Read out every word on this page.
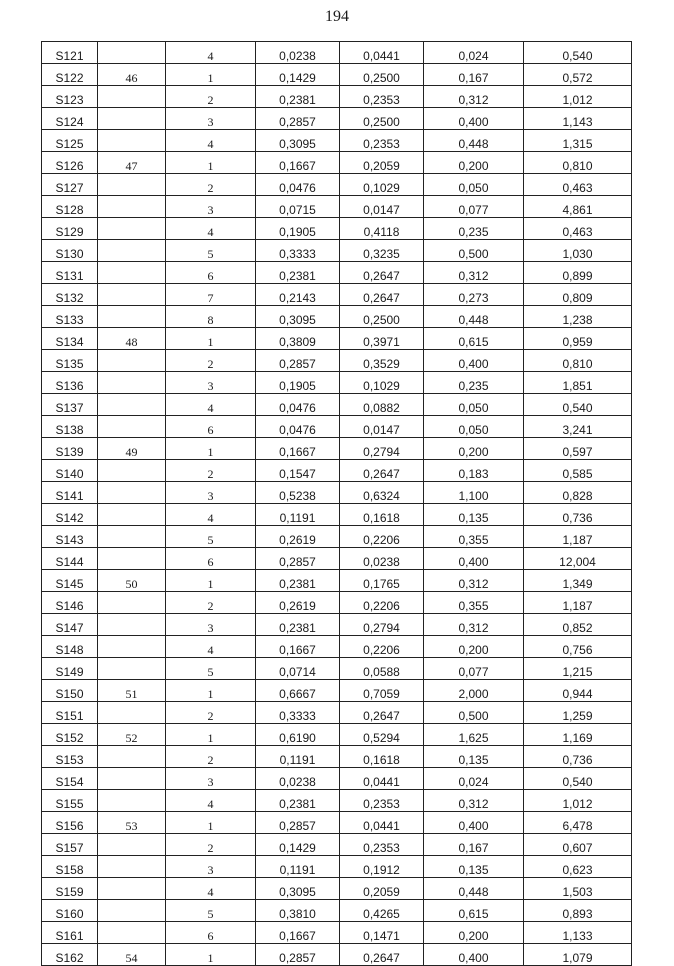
194
S121		4	0,0238	0,0441	0,024	0,540
S122	46	1	0,1429	0,2500	0,167	0,572
S123		2	0,2381	0,2353	0,312	1,012
S124		3	0,2857	0,2500	0,400	1,143
S125		4	0,3095	0,2353	0,448	1,315
S126	47	1	0,1667	0,2059	0,200	0,810
S127		2	0,0476	0,1029	0,050	0,463
S128		3	0,0715	0,0147	0,077	4,861
S129		4	0,1905	0,4118	0,235	0,463
S130		5	0,3333	0,3235	0,500	1,030
S131		6	0,2381	0,2647	0,312	0,899
S132		7	0,2143	0,2647	0,273	0,809
S133		8	0,3095	0,2500	0,448	1,238
S134	48	1	0,3809	0,3971	0,615	0,959
S135		2	0,2857	0,3529	0,400	0,810
S136		3	0,1905	0,1029	0,235	1,851
S137		4	0,0476	0,0882	0,050	0,540
S138		6	0,0476	0,0147	0,050	3,241
S139	49	1	0,1667	0,2794	0,200	0,597
S140		2	0,1547	0,2647	0,183	0,585
S141		3	0,5238	0,6324	1,100	0,828
S142		4	0,1191	0,1618	0,135	0,736
S143		5	0,2619	0,2206	0,355	1,187
S144		6	0,2857	0,0238	0,400	12,004
S145	50	1	0,2381	0,1765	0,312	1,349
S146		2	0,2619	0,2206	0,355	1,187
S147		3	0,2381	0,2794	0,312	0,852
S148		4	0,1667	0,2206	0,200	0,756
S149		5	0,0714	0,0588	0,077	1,215
S150	51	1	0,6667	0,7059	2,000	0,944
S151		2	0,3333	0,2647	0,500	1,259
S152	52	1	0,6190	0,5294	1,625	1,169
S153		2	0,1191	0,1618	0,135	0,736
S154		3	0,0238	0,0441	0,024	0,540
S155		4	0,2381	0,2353	0,312	1,012
S156	53	1	0,2857	0,0441	0,400	6,478
S157		2	0,1429	0,2353	0,167	0,607
S158		3	0,1191	0,1912	0,135	0,623
S159		4	0,3095	0,2059	0,448	1,503
S160		5	0,3810	0,4265	0,615	0,893
S161		6	0,1667	0,1471	0,200	1,133
S162	54	1	0,2857	0,2647	0,400	1,079
